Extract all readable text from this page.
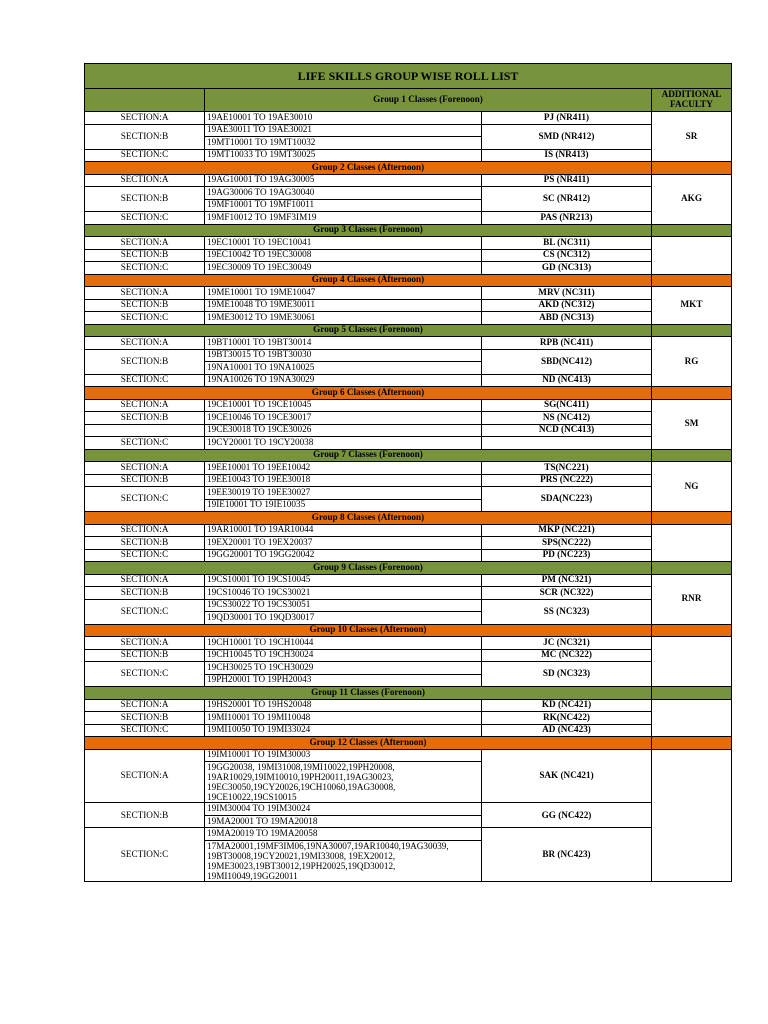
LIFE SKILLS GROUP WISE ROLL LIST			
	Group 1 Classes (Forenoon)		ADDITIONAL FACULTY
SECTION:A	19AE10001 TO 19AE30010	PJ (NR411)	SR
SECTION:B	19AE30011 TO 19AE30021	SMD (NR412)	
	19MT10001 TO 19MT10032		
SECTION:C	19MT10033 TO 19MT30025	IS (NR413)	
Group 2 Classes (Afternoon)			
SECTION:A	19AG10001 TO 19AG30005	PS (NR411)	AKG
SECTION:B	19AG30006 TO 19AG30040	SC (NR412)	
	19MF10001 TO 19MF10011		
SECTION:C	19MF10012 TO 19MF3IM19	PAS (NR213)	
Group 3 Classes (Forenoon)			
SECTION:A	19EC10001 TO 19EC10041	BL (NC311)	
SECTION:B	19EC10042 TO 19EC30008	CS (NC312)	
SECTION:C	19EC30009 TO 19EC30049	GD (NC313)	
Group 4 Classes (Afternoon)			
SECTION:A	19ME10001 TO 19ME10047	MRV (NC311)	MKT
SECTION:B	19ME10048 TO 19ME30011	AKD (NC312)	
SECTION:C	19ME30012 TO 19ME30061	ABD (NC313)	
Group 5 Classes (Forenoon)			
SECTION:A	19BT10001 TO 19BT30014	RPB (NC411)	RG
SECTION:B	19BT30015 TO 19BT30030	SBD(NC412)	
	19NA10001 TO 19NA10025		
SECTION:C	19NA10026 TO 19NA30029	ND (NC413)	
Group 6 Classes (Afternoon)			
SECTION:A	19CE10001 TO 19CE10045	SG(NC411)	SM
SECTION:B	19CE10046 TO 19CE30017	NS (NC412)	
	19CE30018 TO 19CE30026	NCD (NC413)	
SECTION:C	19CY20001 TO 19CY20038		
Group 7 Classes (Forenoon)			
SECTION:A	19EE10001 TO 19EE10042	TS(NC221)	NG
SECTION:B	19EE10043 TO 19EE30018	PRS (NC222)	
SECTION:C	19EE30019 TO 19EE30027	SDA(NC223)	
	19IE10001 TO 19IE10035		
Group 8 Classes (Afternoon)			
SECTION:A	19AR10001 TO 19AR10044	MKP (NC221)	
SECTION:B	19EX20001 TO 19EX20037	SPS(NC222)	
SECTION:C	19GG20001 TO 19GG20042	PD (NC223)	
Group 9 Classes (Forenoon)			
SECTION:A	19CS10001 TO 19CS10045	PM (NC321)	RNR
SECTION:B	19CS10046 TO 19CS30021	SCR (NC322)	
SECTION:C	19CS30022 TO 19CS30051	SS (NC323)	
	19QD30001 TO 19QD30017		
Group 10 Classes (Afternoon)			
SECTION:A	19CH10001 TO 19CH10044	JC (NC321)	
SECTION:B	19CH10045 TO 19CH30024	MC (NC322)	
SECTION:C	19CH30025 TO 19CH30029	SD (NC323)	
	19PH20001 TO 19PH20043		
Group 11 Classes (Forenoon)			
SECTION:A	19HS20001 TO 19HS20048	KD (NC421)	
SECTION:B	19MI10001 TO 19MI10048	RK(NC422)	
SECTION:C	19MI10050 TO 19MI33024	AD (NC423)	
Group 12 Classes (Afternoon)			
SECTION:A	19IM10001 TO 19IM30003	SAK (NC421)	
	19GG20038, 19MI31008,19MI10022,19PH20008, 19AR10029,19IM10010,19PH20011,19AG30023, 19EC30050,19CY20026,19CH10060,19AG30008, 19CE10022,19CS10015		
SECTION:B	19IM30004 TO 19IM30024	GG (NC422)	
	19MA20001 TO 19MA20018		
SECTION:C	19MA20019 TO 19MA20058	BR (NC423)	
	17MA20001,19MF3IM06,19NA30007,19AR10040,19AG30039, 19BT30008,19CY20021,19MI33008, 19EX20012, 19ME30023,19BT30012,19PH20025,19QD30012, 19MI10049,19GG20011		
